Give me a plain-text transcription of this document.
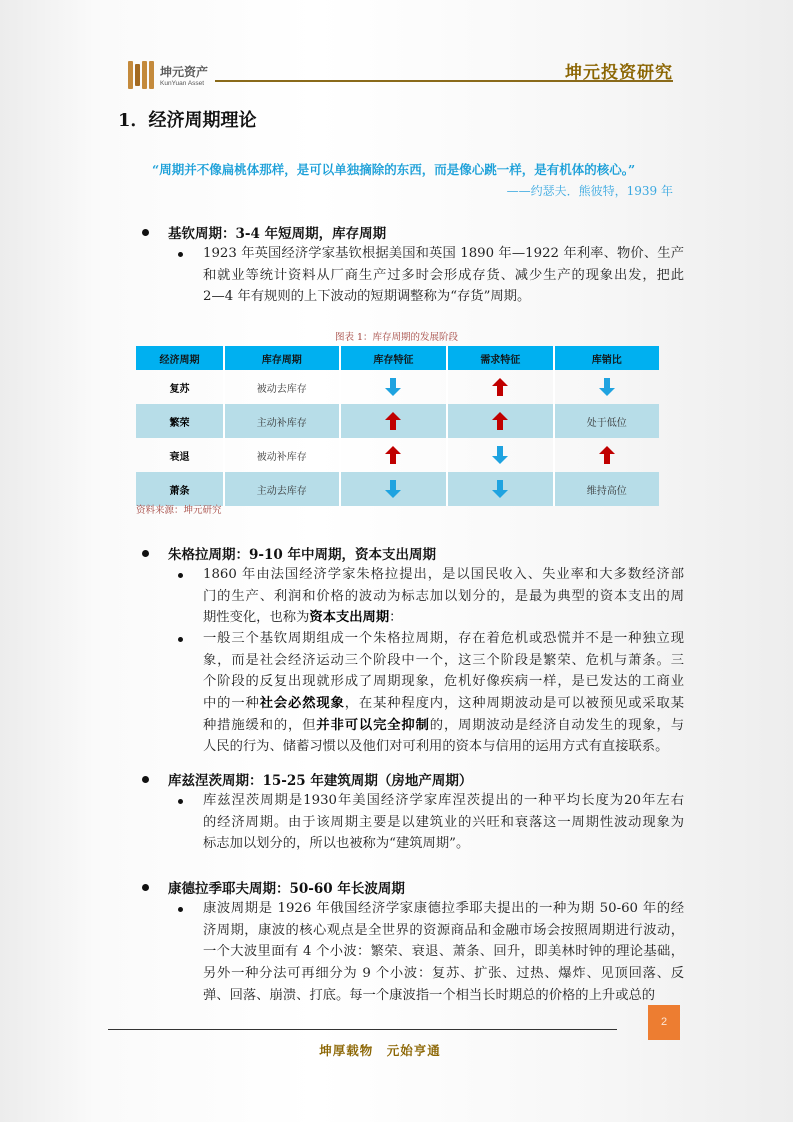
坤元资产
KunYuan Asset
坤元投资研究
1．经济周期理论
“周期并不像扁桃体那样，是可以单独摘除的东西，而是像心跳一样，是有机体的核心。”
——约瑟夫．熊彼特，1939 年
基钦周期：3-4 年短周期，库存周期
1923 年英国经济学家基钦根据美国和英国 1890 年—1922 年利率、物价、生产
和就业等统计资料从厂商生产过多时会形成存货、减少生产的现象出发，把此
2—4 年有规则的上下波动的短期调整称为“存货”周期。
朱格拉周期：9-10 年中周期，资本支出周期
1860 年由法国经济学家朱格拉提出，是以国民收入、失业率和大多数经济部
门的生产、利润和价格的波动为标志加以划分的，是最为典型的资本支出的周
期性变化，也称为资本支出周期：
一般三个基钦周期组成一个朱格拉周期，存在着危机或恐慌并不是一种独立现
象，而是社会经济运动三个阶段中一个，这三个阶段是繁荣、危机与萧条。三
个阶段的反复出现就形成了周期现象，危机好像疾病一样，是已发达的工商业
中的一种社会必然现象，在某种程度内，这种周期波动是可以被预见或采取某
种措施缓和的，但并非可以完全抑制的，周期波动是经济自动发生的现象，与
人民的行为、储蓄习惯以及他们对可利用的资本与信用的运用方式有直接联系。
库兹涅茨周期：15-25 年建筑周期（房地产周期）
库兹涅茨周期是1930年美国经济学家库涅茨提出的一种平均长度为20年左右
的经济周期。由于该周期主要是以建筑业的兴旺和衰落这一周期性波动现象为
标志加以划分的，所以也被称为“建筑周期”。
康德拉季耶夫周期：50-60 年长波周期
康波周期是 1926 年俄国经济学家康德拉季耶夫提出的一种为期 50-60 年的经
济周期，康波的核心观点是全世界的资源商品和金融市场会按照周期进行波动，
一个大波里面有 4 个小波：繁荣、衰退、萧条、回升，即美林时钟的理论基础，
另外一种分法可再细分为 9 个小波：复苏、扩张、过热、爆炸、见顶回落、反
弹、回落、崩溃、打底。每一个康波指一个相当长时期总的价格的上升或总的
图表 1：库存周期的发展阶段
经济周期	库存周期	库存特征	需求特征	库销比
复苏	被动去库存			
繁荣	主动补库存			处于低位
衰退	被动补库存			
萧条	主动去库存			维持高位
资料来源：坤元研究
2
坤厚载物　元始亨通
